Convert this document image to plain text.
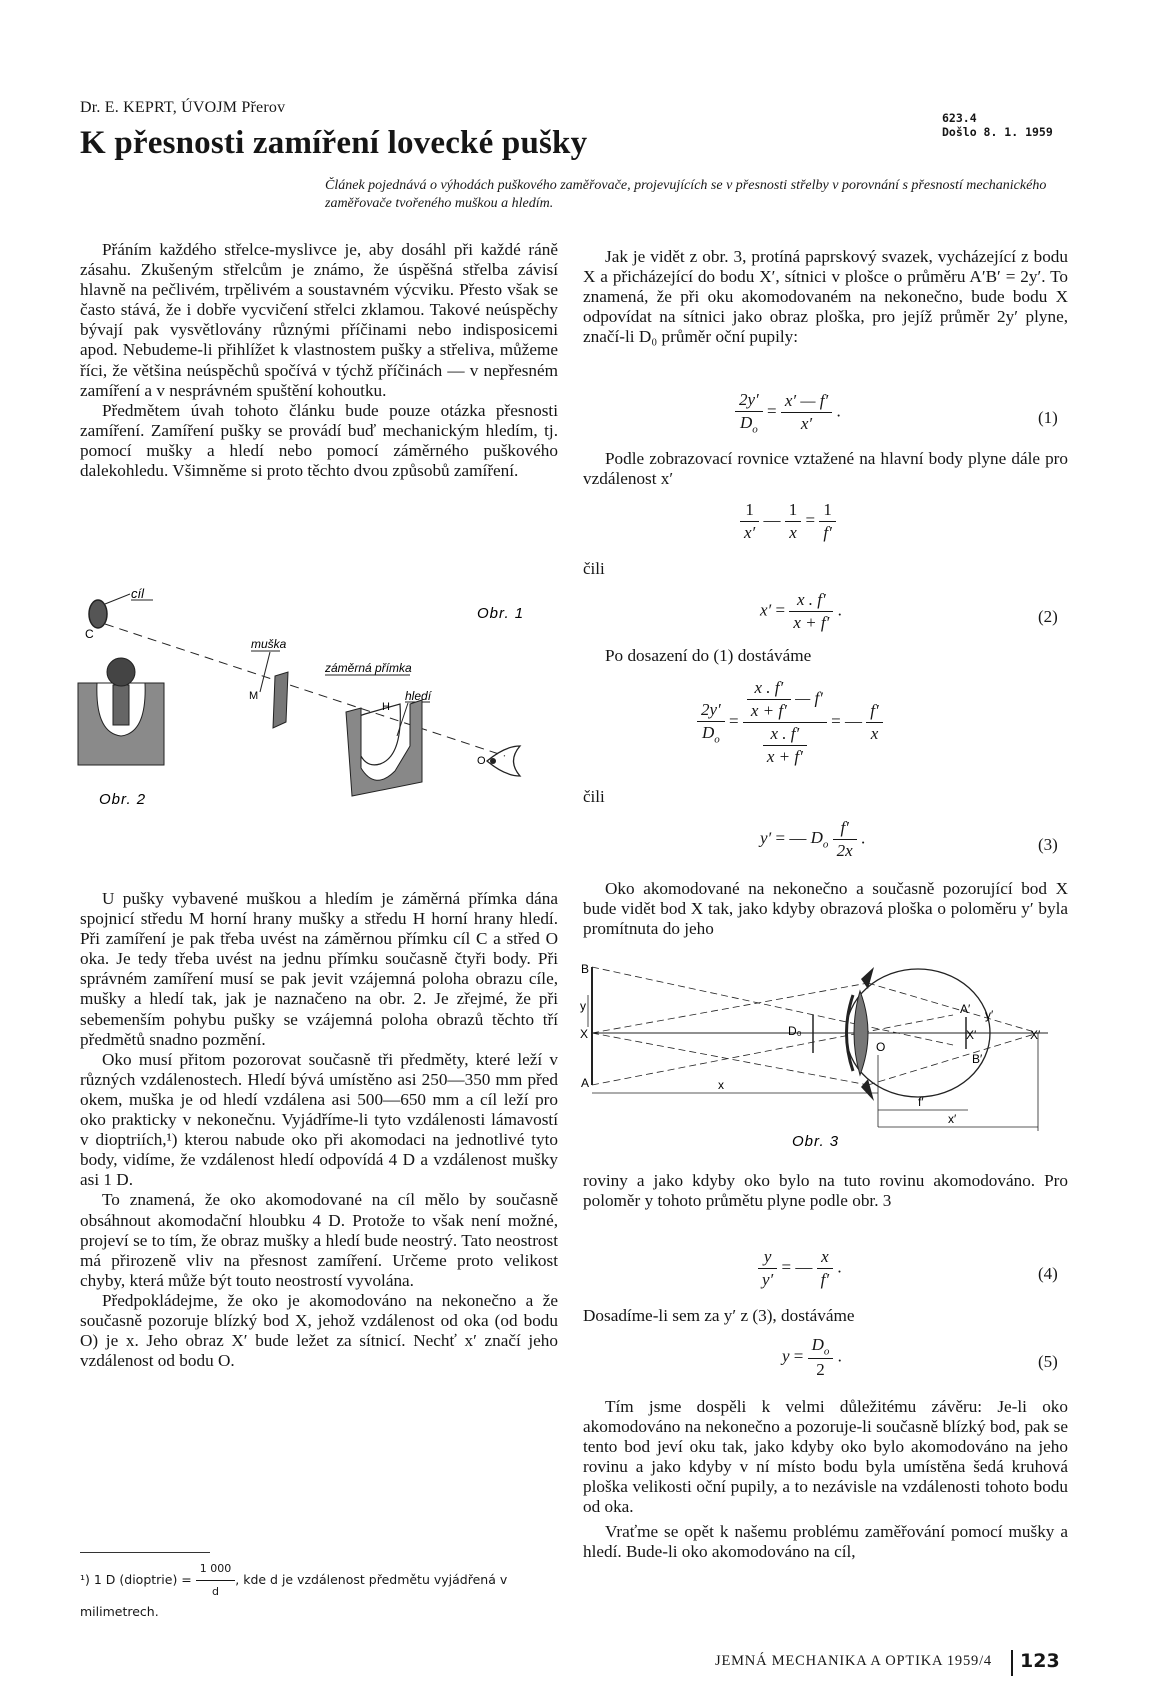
Dr. E. KEPRT, ÚVOJM Přerov
K přesnosti zamíření lovecké pušky
623.4
Došlo 8. 1. 1959
Článek pojednává o výhodách puškového zaměřovače, projevujících se v přesnosti střelby v porovnání s přesností mechanického zaměřovače tvořeného muškou a hledím.

Přáním každého střelce-myslivce je, aby dosáhl při každé ráně zásahu. Zkušeným střelcům je známo, že úspěšná střelba závisí hlavně na pečlivém, trpělivém a soustavném výcviku. Přesto však se často stává, že i dobře vycvičení střelci zklamou. Takové neúspěchy bývají pak vysvětlovány různými příčinami nebo indisposicemi apod. Nebudeme-li přihlížet k vlastnostem pušky a střeliva, můžeme říci, že většina neúspěchů spočívá v týchž příčinách — v nepřesném zamíření a v nesprávném spuštění kohoutku.

Předmětem úvah tohoto článku bude pouze otázka přesnosti zamíření. Zamíření pušky se provádí buď mechanickým hledím, tj. pomocí mušky a hledí nebo pomocí záměrného puškového dalekohledu. Všimněme si proto těchto dvou způsobů zamíření.

cíl
C
Obr. 1
muška
M
záměrná přímka
hledí
H
O
Obr. 2

U pušky vybavené muškou a hledím je záměrná přímka dána spojnicí středu M horní hrany mušky a středu H horní hrany hledí. Při zamíření je pak třeba uvést na záměrnou přímku cíl C a střed O oka. Je tedy třeba uvést na jednu přímku současně čtyři body. Při správném zamíření musí se pak jevit vzájemná poloha obrazu cíle, mušky a hledí tak, jak je naznačeno na obr. 2. Je zřejmé, že při sebemenším pohybu pušky se vzájemná poloha obrazů těchto tří předmětů snadno pozmění.

Oko musí přitom pozorovat současně tři předměty, které leží v různých vzdálenostech. Hledí bývá umístěno asi 250—350 mm před okem, muška je od hledí vzdálena asi 500—650 mm a cíl leží pro oko prakticky v nekonečnu. Vyjádříme-li tyto vzdálenosti lámavostí v dioptriích,¹) kterou nabude oko při akomodaci na jednotlivé tyto body, vidíme, že vzdálenost hledí odpovídá 4 D a vzdálenost mušky asi 1 D.

To znamená, že oko akomodované na cíl mělo by současně obsáhnout akomodační hloubku 4 D. Protože to však není možné, projeví se to tím, že obraz mušky a hledí bude neostrý. Tato neostrost má přirozeně vliv na přesnost zamíření. Určeme proto velikost chyby, která může být touto neostrostí vyvolána.

Předpokládejme, že oko je akomodováno na nekonečno a že současně pozoruje blízký bod X, jehož vzdálenost od oka (od bodu O) je x. Jeho obraz X′ bude ležet za sítnicí. Nechť x′ značí jeho vzdálenost od bodu O.

¹) 1 D (dioptrie) = $\frac{1 000}{d}$ , kde d je vzdálenost předmětu vyjádřená v milimetrech.

Jak je vidět z obr. 3, protíná paprskový svazek, vycházející z bodu X a přicházející do bodu X′, sítnici v plošce o průměru A′B′ = 2y′. To znamená, že při oku akomodovaném na nekonečno, bude bodu X odpovídat na sítnici jako obraz ploška, pro jejíž průměr 2y′ plyne, značí-li D₀ průměr oční pupily:

$\frac{2y'}{D_o} = \frac{x' — f'}{x'}$ .	(1)

Podle zobrazovací rovnice vztažené na hlavní body plyne dále pro vzdálenost x′

$\frac{1}{x'}$ — $\frac{1}{x} = \frac{1}{f'}$
čili
$x' = \frac{x . f'}{x + f'}$ .	(2)

Po dosazení do (1) dostáváme

$\frac{2y'}{D_o} = \frac{\frac{x . f'}{x + f'} — f'}{\frac{x . f'}{x + f'}}$ = — $\frac{f'}{x}$
čili
y′ = — $D_o \frac{f'}{2x}$ .	(3)

Oko akomodované na nekonečno a současně pozorující bod X bude vidět bod X tak, jako kdyby obrazová ploška o poloměru y′ byla promítnuta do jeho

B
y
X
A
D₀
O
A′ y′
X′
B′
X′
x
f′
x′
Obr. 3

roviny a jako kdyby oko bylo na tuto rovinu akomodováno. Pro poloměr y tohoto průmětu plyne podle obr. 3

$\frac{y}{y'}$ = — $\frac{x}{f'}$ .	(4)

Dosadíme-li sem za y′ z (3), dostáváme

$y = \frac{D_o}{2}$ .	(5)

Tím jsme dospěli k velmi důležitému závěru: Je-li oko akomodováno na nekonečno a pozoruje-li současně blízký bod, pak se tento bod jeví oku tak, jako kdyby oko bylo akomodováno na jeho rovinu a jako kdyby v ní místo bodu byla umístěna šedá kruhová ploška velikosti oční pupily, a to nezávisle na vzdálenosti tohoto bodu od oka.

Vraťme se opět k našemu problému zaměřování pomocí mušky a hledí. Bude-li oko akomodováno na cíl,

JEMNÁ MECHANIKA A OPTIKA 1959/4 123
